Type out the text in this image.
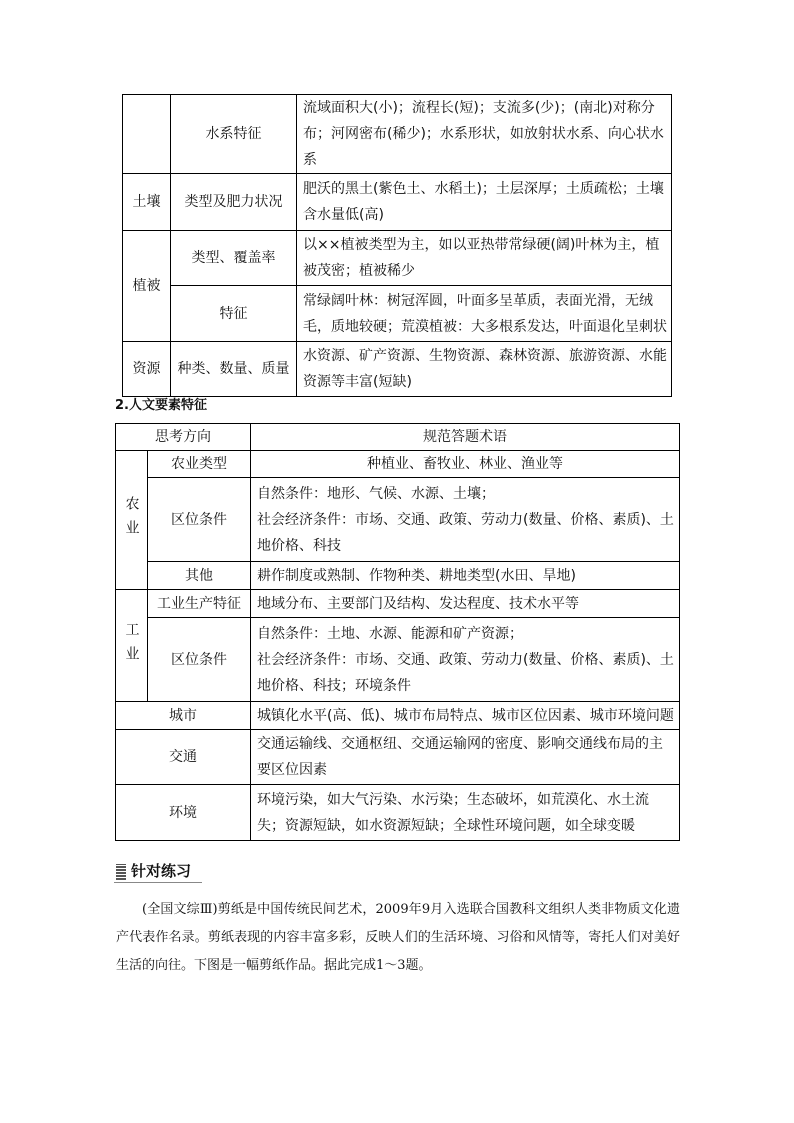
	水系特征	流域面积大(小)；流程长(短)；支流多(少)；(南北)对称分布；河网密布(稀少)；水系形状，如放射状水系、向心状水系
土壤	类型及肥力状况	肥沃的黑土(紫色土、水稻土)；土层深厚；土质疏松；土壤含水量低(高)
植被	类型、覆盖率	以××植被类型为主，如以亚热带常绿硬(阔)叶林为主，植被茂密；植被稀少
	特征	常绿阔叶林：树冠浑圆，叶面多呈革质，表面光滑，无绒毛，质地较硬；荒漠植被：大多根系发达，叶面退化呈刺状
资源	种类、数量、质量	水资源、矿产资源、生物资源、森林资源、旅游资源、水能资源等丰富(短缺)
2.人文要素特征
思考方向		规范答题术语

农业	农业类型	种植业、畜牧业、林业、渔业等
	区位条件	自然条件：地形、气候、水源、土壤；
社会经济条件：市场、交通、政策、劳动力(数量、价格、素质)、土地价格、科技

	其他	耕作制度或熟制、作物种类、耕地类型(水田、旱地)

工业	工业生产特征	地域分布、主要部门及结构、发达程度、技术水平等
	区位条件	自然条件：土地、水源、能源和矿产资源；
社会经济条件：市场、交通、政策、劳动力(数量、价格、素质)、土地价格、科技；环境条件

城市		城镇化水平(高、低)、城市布局特点、城市区位因素、城市环境问题
交通		交通运输线、交通枢纽、交通运输网的密度、影响交通线布局的主要区位因素
环境		环境污染，如大气污染、水污染；生态破坏，如荒漠化、水土流失；资源短缺，如水资源短缺；全球性环境问题，如全球变暖
针对练习
(全国文综Ⅲ)剪纸是中国传统民间艺术，2009年9月入选联合国教科文组织人类非物质文化遗产代表作名录。剪纸表现的内容丰富多彩，反映人们的生活环境、习俗和风情等，寄托人们对美好生活的向往。下图是一幅剪纸作品。据此完成1～3题。
